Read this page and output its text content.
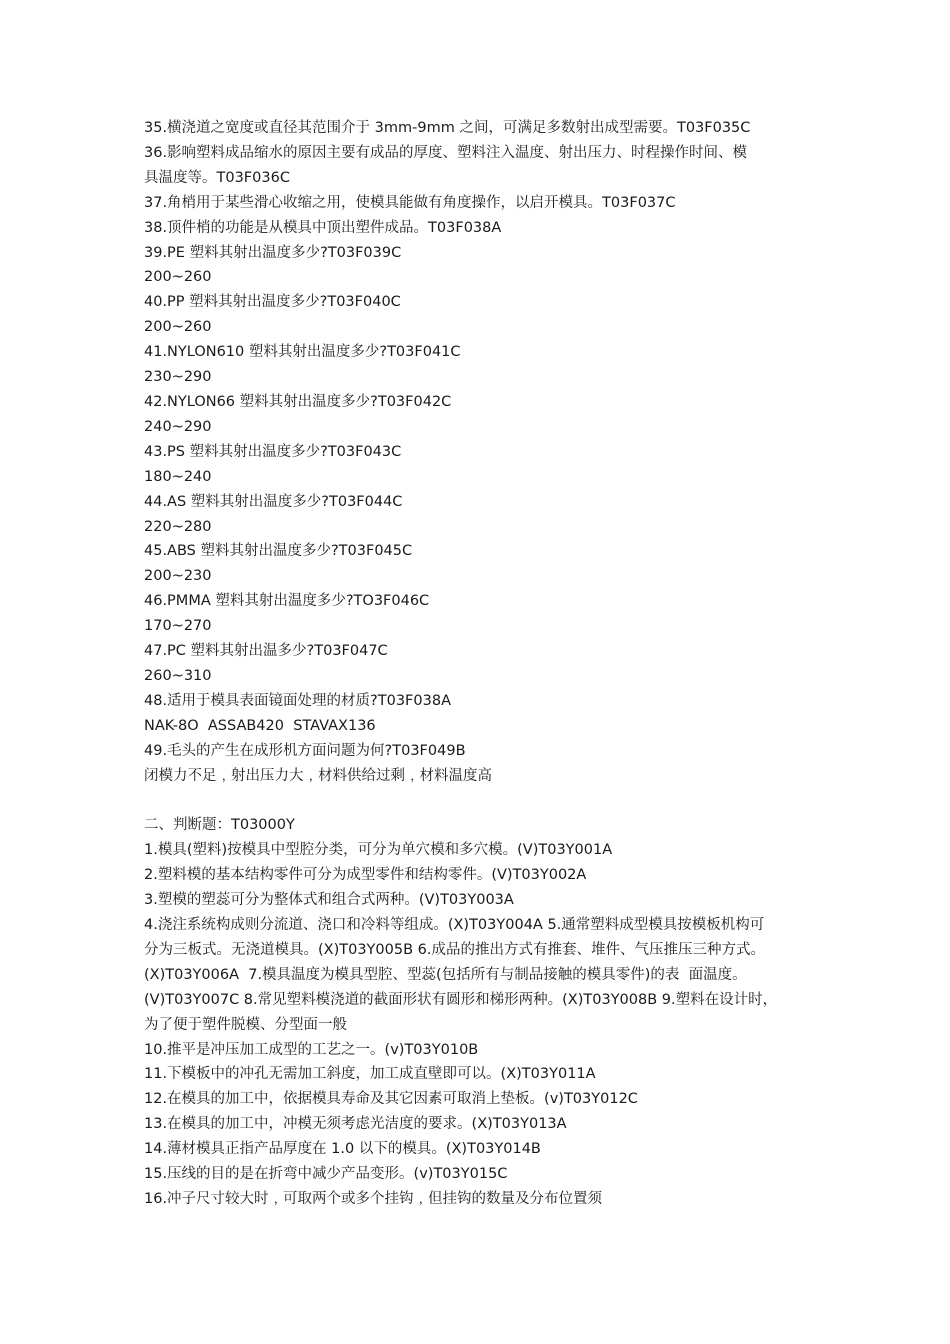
35.横浇道之宽度或直径其范围介于 3mm-9mm 之间，可满足多数射出成型需要。T03F035C
36.影响塑料成品缩水的原因主要有成品的厚度、塑料注入温度、射出压力、时程操作时间、模
具温度等。T03F036C
37.角梢用于某些滑心收缩之用，使模具能做有角度操作，以启开模具。T03F037C
38.顶件梢的功能是从模具中顶出塑件成品。T03F038A
39.PE 塑料其射出温度多少?T03F039C
200~260
40.PP 塑料其射出温度多少?T03F040C
200~260
41.NYLON610 塑料其射出温度多少?T03F041C
230~290
42.NYLON66 塑料其射出温度多少?T03F042C
240~290
43.PS 塑料其射出温度多少?T03F043C
180~240
44.AS 塑料其射出温度多少?T03F044C
220~280
45.ABS 塑料其射出温度多少?T03F045C
200~230
46.PMMA 塑料其射出温度多少?TO3F046C
170~270
47.PC 塑料其射出温多少?T03F047C
260~310
48.适用于模具表面镜面处理的材质?T03F038A
NAK-8O  ASSAB420  STAVAX136
49.毛头的产生在成形机方面问题为何?T03F049B
闭模力不足﹐射出压力大﹐材料供给过剩﹐材料温度高
二、判断题：T03000Y
1.模具(塑料)按模具中型腔分类，可分为单穴模和多穴模。(V)T03Y001A
2.塑料模的基本结构零件可分为成型零件和结构零件。(V)T03Y002A
3.塑模的塑蕊可分为整体式和组合式两种。(V)T03Y003A
4.浇注系统构成则分流道、浇口和冷料等组成。(X)T03Y004A 5.通常塑料成型模具按模板机构可
分为三板式。无浇道模具。(X)T03Y005B 6.成品的推出方式有推套、堆件、气压推压三种方式。
(X)T03Y006A  7.模具温度为模具型腔、型蕊(包括所有与制品接触的模具零件)的表  面温度。
(V)T03Y007C 8.常见塑料模浇道的截面形状有圆形和梯形两种。(X)T03Y008B 9.塑料在设计时，
为了便于塑件脱模、分型面一般
10.推平是冲压加工成型的工艺之一。(v)T03Y010B
11.下模板中的冲孔无需加工斜度，加工成直壁即可以。(X)T03Y011A
12.在模具的加工中，依据模具寿命及其它因素可取消上垫板。(v)T03Y012C
13.在模具的加工中，冲模无须考虑光洁度的要求。(X)T03Y013A
14.薄材模具正指产品厚度在 1.0 以下的模具。(X)T03Y014B
15.压线的目的是在折弯中减少产品变形。(v)T03Y015C
16.冲子尺寸较大时﹐可取两个或多个挂钩﹐但挂钩的数量及分布位置须
